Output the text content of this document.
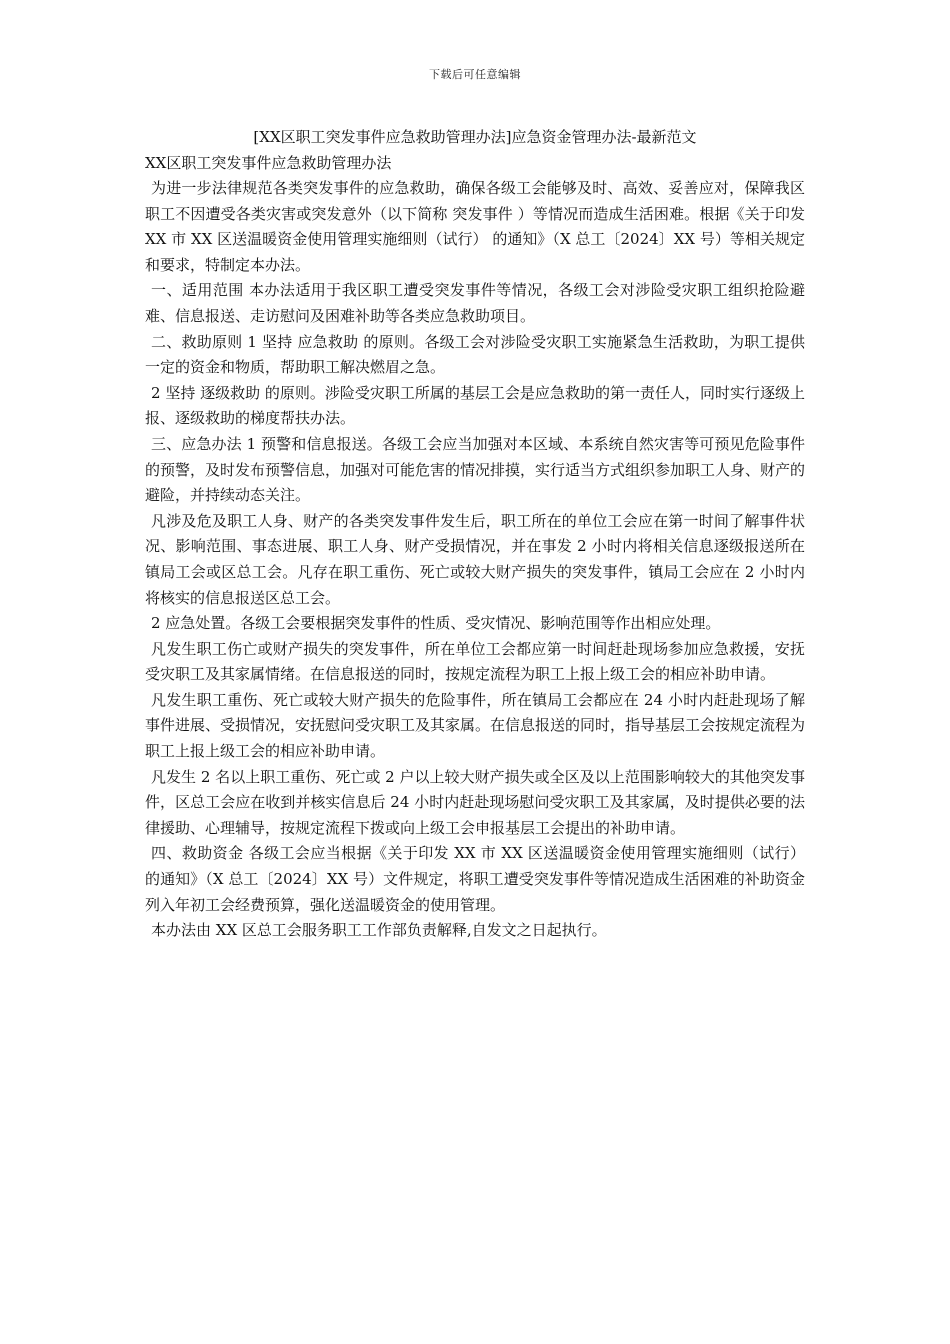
下载后可任意编辑
[XX区职工突发事件应急救助管理办法]应急资金管理办法-最新范文
XX区职工突发事件应急救助管理办法

为进一步法律规范各类突发事件的应急救助，确保各级工会能够及时、高效、妥善应对，保障我区职工不因遭受各类灾害或突发意外（以下简称 突发事件 ）等情况而造成生活困难。根据《关于印发 XX 市 XX 区送温暖资金使用管理实施细则（试行） 的通知》（X 总工〔2024〕XX 号）等相关规定和要求，特制定本办法。

一、适用范围 本办法适用于我区职工遭受突发事件等情况，各级工会对涉险受灾职工组织抢险避难、信息报送、走访慰问及困难补助等各类应急救助项目。

二、救助原则 1 坚持 应急救助 的原则。各级工会对涉险受灾职工实施紧急生活救助，为职工提供一定的资金和物质，帮助职工解决燃眉之急。

2 坚持 逐级救助 的原则。涉险受灾职工所属的基层工会是应急救助的第一责任人，同时实行逐级上报、逐级救助的梯度帮扶办法。

三、应急办法 1 预警和信息报送。各级工会应当加强对本区域、本系统自然灾害等可预见危险事件的预警，及时发布预警信息，加强对可能危害的情况排摸，实行适当方式组织参加职工人身、财产的避险，并持续动态关注。

凡涉及危及职工人身、财产的各类突发事件发生后，职工所在的单位工会应在第一时间了解事件状况、影响范围、事态进展、职工人身、财产受损情况，并在事发 2 小时内将相关信息逐级报送所在镇局工会或区总工会。凡存在职工重伤、死亡或较大财产损失的突发事件，镇局工会应在 2 小时内将核实的信息报送区总工会。

2 应急处置。各级工会要根据突发事件的性质、受灾情况、影响范围等作出相应处理。

凡发生职工伤亡或财产损失的突发事件，所在单位工会都应第一时间赶赴现场参加应急救援，安抚受灾职工及其家属情绪。在信息报送的同时，按规定流程为职工上报上级工会的相应补助申请。

凡发生职工重伤、死亡或较大财产损失的危险事件，所在镇局工会都应在 24 小时内赶赴现场了解事件进展、受损情况，安抚慰问受灾职工及其家属。在信息报送的同时，指导基层工会按规定流程为职工上报上级工会的相应补助申请。

凡发生 2 名以上职工重伤、死亡或 2 户以上较大财产损失或全区及以上范围影响较大的其他突发事件，区总工会应在收到并核实信息后 24 小时内赶赴现场慰问受灾职工及其家属，及时提供必要的法律援助、心理辅导，按规定流程下拨或向上级工会申报基层工会提出的补助申请。

四、救助资金 各级工会应当根据《关于印发 XX 市 XX 区送温暖资金使用管理实施细则（试行） 的通知》（X 总工〔2024〕XX 号）文件规定，将职工遭受突发事件等情况造成生活困难的补助资金列入年初工会经费预算，强化送温暖资金的使用管理。

本办法由 XX 区总工会服务职工工作部负责解释,自发文之日起执行。
